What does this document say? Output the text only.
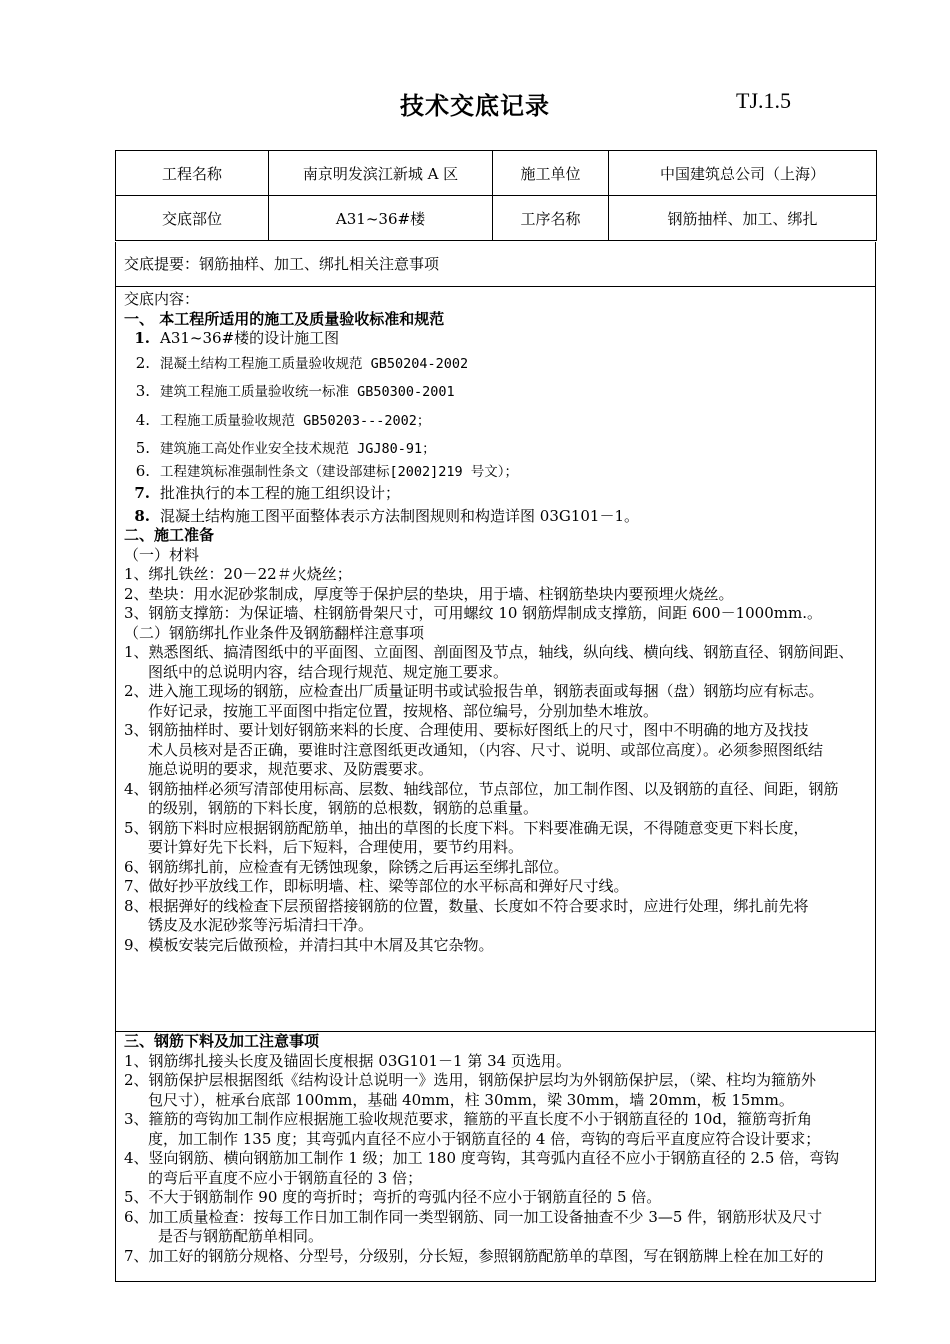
技术交底记录	TJ.1.5
工程名称	南京明发滨江新城 A 区	施工单位	中国建筑总公司（上海）
交底部位	A31~36#楼	工序名称	钢筋抽样、加工、绑扎
交底提要：钢筋抽样、加工、绑扎相关注意事项
交底内容：
一、 本工程所适用的施工及质量验收标准和规范
1. A31~36#楼的设计施工图
2. 混凝土结构工程施工质量验收规范 GB50204-2002
3. 建筑工程施工质量验收统一标准 GB50300-2001
4. 工程施工质量验收规范 GB50203---2002；
5. 建筑施工高处作业安全技术规范 JGJ80-91；
6. 工程建筑标准强制性条文（建设部建标[2002]219 号文）；
7. 批准执行的本工程的施工组织设计；
8. 混凝土结构施工图平面整体表示方法制图规则和构造详图 03G101－1。
二、施工准备
（一）材料
1、绑扎铁丝：20－22＃火烧丝；
2、垫块：用水泥砂浆制成，厚度等于保护层的垫块，用于墙、柱钢筋垫块内要预埋火烧丝。
3、钢筋支撑筋：为保证墙、柱钢筋骨架尺寸，可用螺纹 10 钢筋焊制成支撑筋，间距 600－1000mm.。
（二）钢筋绑扎作业条件及钢筋翻样注意事项
1、熟悉图纸、搞清图纸中的平面图、立面图、剖面图及节点，轴线，纵向线、横向线、钢筋直径、钢筋间距、
图纸中的总说明内容，结合现行规范、规定施工要求。
2、进入施工现场的钢筋，应检查出厂质量证明书或试验报告单，钢筋表面或每捆（盘）钢筋均应有标志。
作好记录，按施工平面图中指定位置，按规格、部位编号，分别加垫木堆放。
3、钢筋抽样时、要计划好钢筋来料的长度、合理使用、要标好图纸上的尺寸，图中不明确的地方及找技
术人员核对是否正确，要谁时注意图纸更改通知，（内容、尺寸、说明、或部位高度）。必须参照图纸结
施总说明的要求，规范要求、及防震要求。
4、钢筋抽样必须写清部使用标高、层数、轴线部位，节点部位，加工制作图、以及钢筋的直径、间距，钢筋
的级别，钢筋的下料长度，钢筋的总根数，钢筋的总重量。
5、钢筋下料时应根据钢筋配筋单，抽出的草图的长度下料。下料要准确无误，不得随意变更下料长度，
要计算好先下长料，后下短料，合理使用，要节约用料。
6、钢筋绑扎前，应检查有无锈蚀现象，除锈之后再运至绑扎部位。
7、做好抄平放线工作，即标明墙、柱、梁等部位的水平标高和弹好尺寸线。
8、根据弹好的线检查下层预留搭接钢筋的位置，数量、长度如不符合要求时，应进行处理，绑扎前先将
锈皮及水泥砂浆等污垢清扫干净。
9、模板安装完后做预检，并清扫其中木屑及其它杂物。
三、钢筋下料及加工注意事项
1、钢筋绑扎接头长度及锚固长度根据 03G101－1 第 34 页选用。
2、钢筋保护层根据图纸《结构设计总说明一》选用，钢筋保护层均为外钢筋保护层，（梁、柱均为箍筋外
包尺寸），桩承台底部 100mm，基础 40mm，柱 30mm，梁 30mm，墙 20mm，板 15mm。
3、箍筋的弯钩加工制作应根据施工验收规范要求，箍筋的平直长度不小于钢筋直径的 10d，箍筋弯折角
度，加工制作 135 度；其弯弧内直径不应小于钢筋直径的 4 倍，弯钩的弯后平直度应符合设计要求；
4、竖向钢筋、横向钢筋加工制作 1 级；加工 180 度弯钩，其弯弧内直径不应小于钢筋直径的 2.5 倍，弯钩
的弯后平直度不应小于钢筋直径的 3 倍；
5、不大于钢筋制作 90 度的弯折时；弯折的弯弧内径不应小于钢筋直径的 5 倍。
6、加工质量检查：按每工作日加工制作同一类型钢筋、同一加工设备抽查不少 3—5 件，钢筋形状及尺寸
是否与钢筋配筋单相同。
7、加工好的钢筋分规格、分型号，分级别，分长短，参照钢筋配筋单的草图，写在钢筋牌上栓在加工好的
